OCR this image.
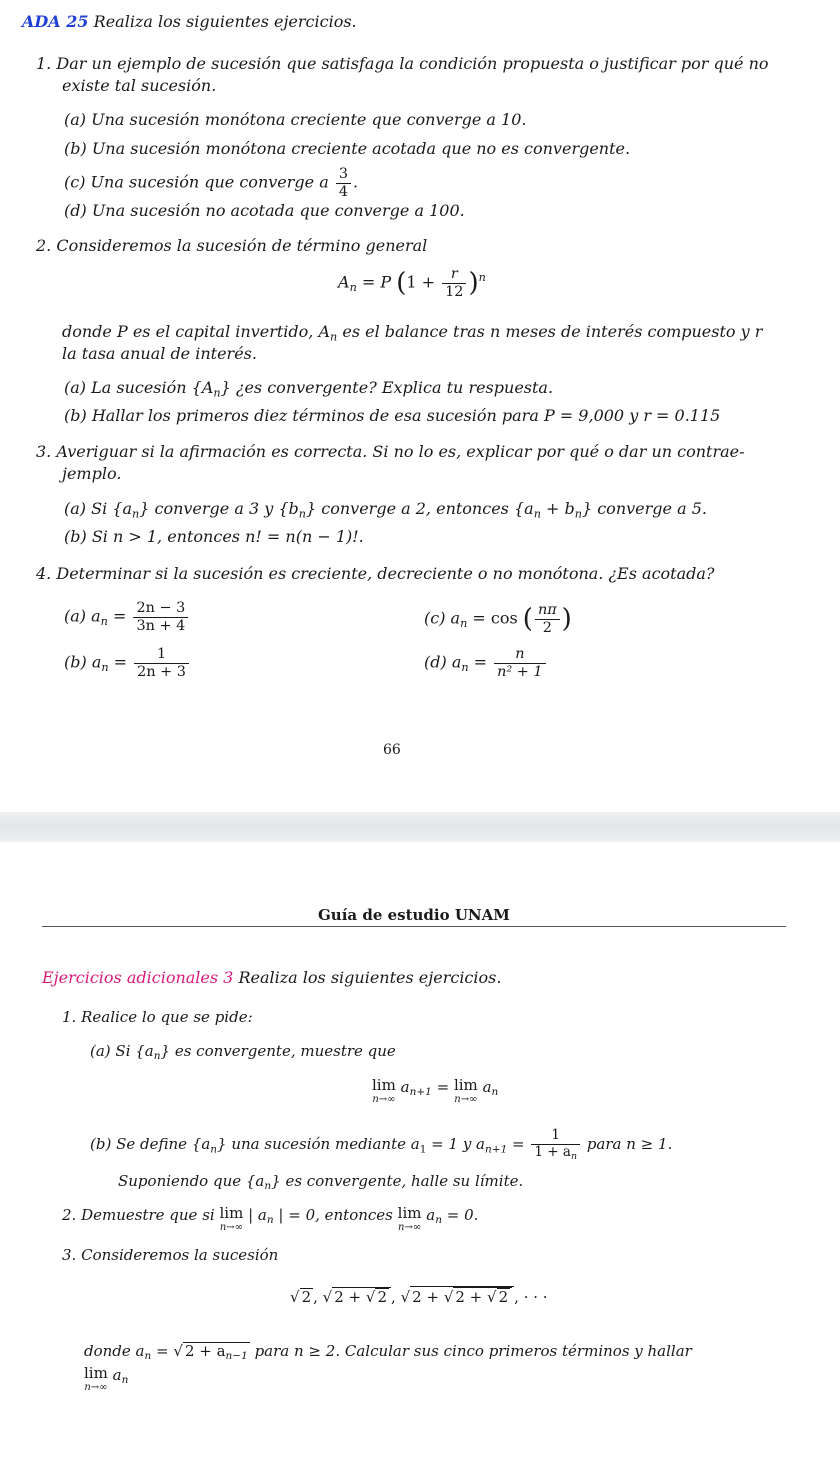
ADA 25 Realiza los siguientes ejercicios.
1. Dar un ejemplo de sucesión que satisfaga la condición propuesta o justificar por qué no
existe tal sucesión.
(a) Una sucesión monótona creciente que converge a 10.
(b) Una sucesión monótona creciente acotada que no es convergente.
(c) Una sucesión que converge a $\frac{3}{4}$ .
(d) Una sucesión no acotada que converge a 100.
2. Consideremos la sucesión de término general
$A_n = P$ $(1 + \frac{r}{12} )^n$
donde P es el capital invertido, $A_n$ es el balance tras n meses de interés compuesto y r
la tasa anual de interés.
(a) La sucesión $\{A_n\}$ ¿es convergente? Explica tu respuesta.
(b) Hallar los primeros diez términos de esa sucesión para P = 9,000 y r = 0.115
3. Averiguar si la afirmación es correcta. Si no lo es, explicar por qué o dar un contrae-
jemplo.
(a) Si $\{a_n\}$ converge a 3 y $\{b_n\}$ converge a 2, entonces $\{a_n + b_n\}$ converge a 5.
(b) Si n > 1, entonces n! = n(n − 1)!.
4. Determinar si la sucesión es creciente, decreciente o no monótona. ¿Es acotada?
(a) $a_n = \frac{2n - 3}{3n + 4}$
(b) $a_n = \frac{1}{2n + 3}$
(c) $a_n = \cos$ ( $\frac{n\pi}{2}$ )
(d) $a_n = \frac{n}{\text{n² + 1}}$
66
Guía de estudio UNAM
Ejercicios adicionales 3 Realiza los siguientes ejercicios.
1. Realice lo que se pide:
(a) Si $\{a_n\}$ es convergente, muestre que
lim
n→∞
$a_{n+1} = \lim$
n→∞
$a_n$
(b) Se define $\{a_n\}$ una sucesión mediante $a_1 = 1$ y $a_{n+1} = \frac{1}{1 + a_n}$ para n ≥ 1.
Suponiendo que $\{a_n\}$ es convergente, halle su límite.
2. Demuestre que si lim
n→∞
| $a_n$ | = 0, entonces lim
n→∞
$a_n = 0$.
3. Consideremos la sucesión
√ 2 , √ 2 + √ 2 , √ 2 + √ 2 + √ 2 , · · ·
donde $a_n$ = √ $2 + a_{n-1}$ para n ≥ 2. Calcular sus cinco primeros términos y hallar
lim
n→∞
$a_n$
